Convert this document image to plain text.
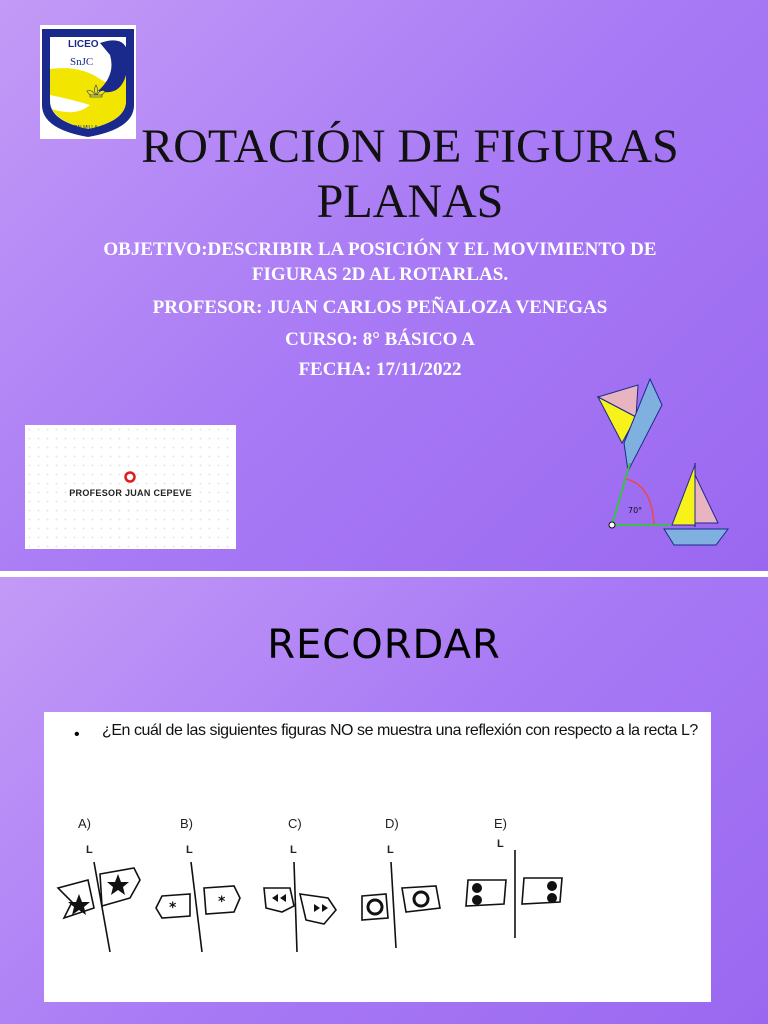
LICEO
SnJC
PALMILLA ROTACIÓN DE FIGURAS
PLANAS

OBJETIVO:DESCRIBIR LA POSICIÓN Y EL MOVIMIENTO DE

FIGURAS 2D AL ROTARLAS.

PROFESOR: JUAN CARLOS PEÑALOZA VENEGAS

CURSO: 8° BÁSICO A

FECHA: 17/11/2022

PROFESOR JUAN CEPEVE
70°
RECORDAR
• ¿En cuál de las siguientes figuras NO se muestra una reflexión con respecto a la recta L?
A)	B)	C)	D)	E)
L	L	L	L	L
*	*
